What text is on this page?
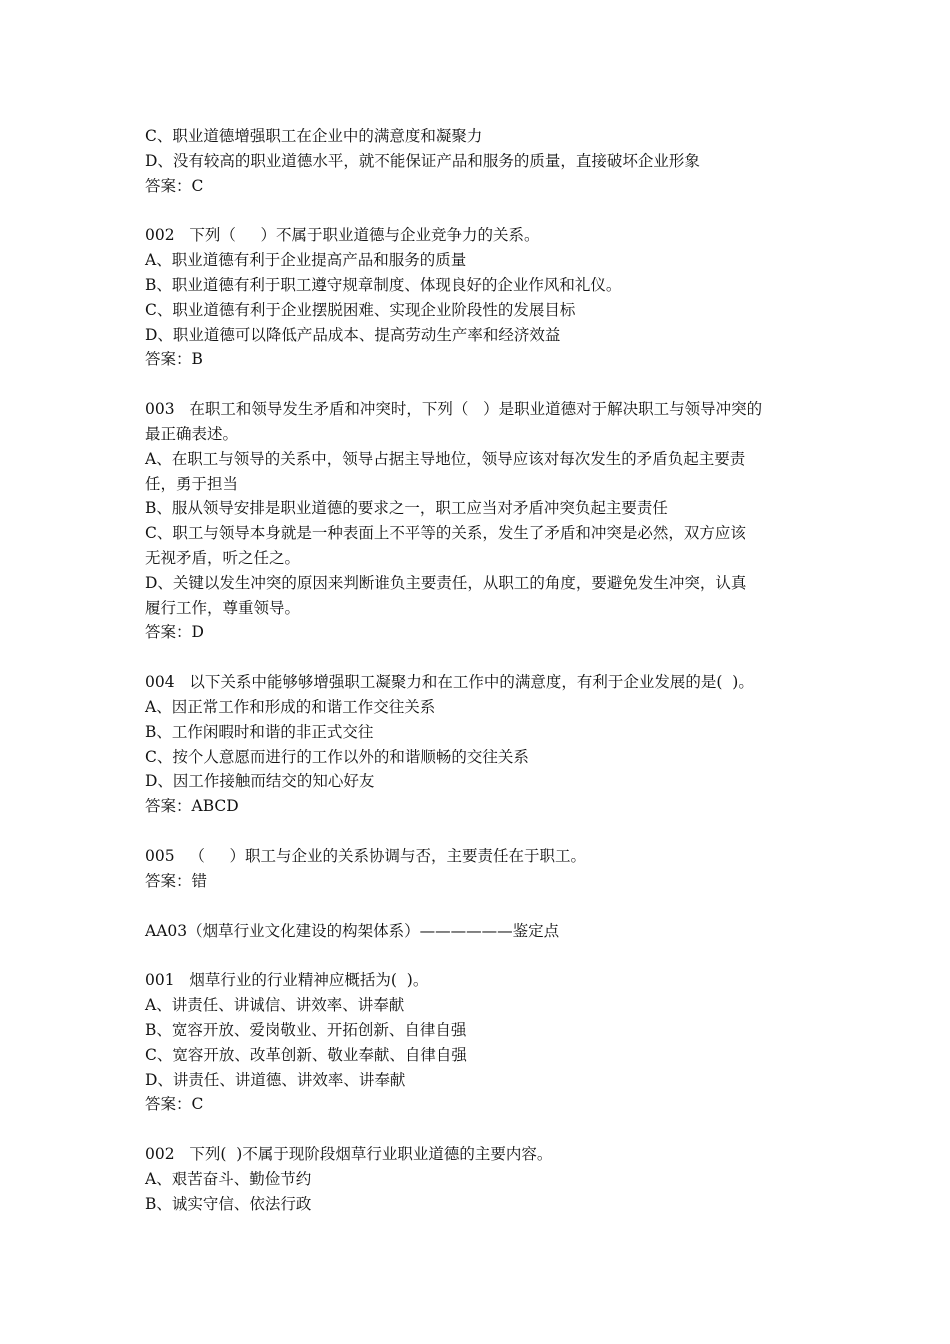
C、职业道德增强职工在企业中的满意度和凝聚力
D、没有较高的职业道德水平，就不能保证产品和服务的质量，直接破坏企业形象
答案：C
002   下列（     ）不属于职业道德与企业竞争力的关系。
A、职业道德有利于企业提高产品和服务的质量
B、职业道德有利于职工遵守规章制度、体现良好的企业作风和礼仪。
C、职业道德有利于企业摆脱困难、实现企业阶段性的发展目标
D、职业道德可以降低产品成本、提高劳动生产率和经济效益
答案：B
003   在职工和领导发生矛盾和冲突时，下列（   ）是职业道德对于解决职工与领导冲突的
最正确表述。
A、在职工与领导的关系中，领导占据主导地位，领导应该对每次发生的矛盾负起主要责
任，勇于担当
B、服从领导安排是职业道德的要求之一，职工应当对矛盾冲突负起主要责任
C、职工与领导本身就是一种表面上不平等的关系，发生了矛盾和冲突是必然，双方应该
无视矛盾，听之任之。
D、关键以发生冲突的原因来判断谁负主要责任，从职工的角度，要避免发生冲突，认真
履行工作，尊重领导。
答案：D
004   以下关系中能够够增强职工凝聚力和在工作中的满意度，有利于企业发展的是(  )。
A、因正常工作和形成的和谐工作交往关系
B、工作闲暇时和谐的非正式交往
C、按个人意愿而进行的工作以外的和谐顺畅的交往关系
D、因工作接触而结交的知心好友
答案：ABCD
005   （     ）职工与企业的关系协调与否，主要责任在于职工。
答案：错
AA03（烟草行业文化建设的构架体系）——————鉴定点
001   烟草行业的行业精神应概括为(  )。
A、讲责任、讲诚信、讲效率、讲奉献
B、宽容开放、爱岗敬业、开拓创新、自律自强
C、宽容开放、改革创新、敬业奉献、自律自强
D、讲责任、讲道德、讲效率、讲奉献
答案：C
002   下列(  )不属于现阶段烟草行业职业道德的主要内容。
A、艰苦奋斗、勤俭节约
B、诚实守信、依法行政
